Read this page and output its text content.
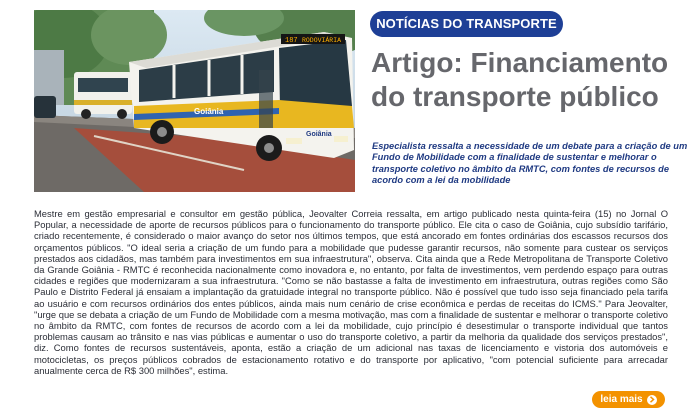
187 RODOVIÁRIA
Goiânia
Goiânia
NOTÍCIAS DO TRANSPORTE
Artigo: Financiamento do transporte público

Especialista ressalta a necessidade de um debate para a criação de um Fundo de Mobilidade com a finalidade de sustentar e melhorar o transporte coletivo no âmbito da RMTC, com fontes de recursos de acordo com a lei da mobilidade

Mestre em gestão empresarial e consultor em gestão pública, Jeovalter Correia ressalta, em artigo publicado nesta quinta-feira (15) no Jornal O Popular, a necessidade de aporte de recursos públicos para o funcionamento do transporte público. Ele cita o caso de Goiânia, cujo subsídio tarifário, criado recentemente, é considerado o maior avanço do setor nos últimos tempos, que está ancorado em fontes ordinárias dos escassos recursos dos orçamentos públicos. "O ideal seria a criação de um fundo para a mobilidade que pudesse garantir recursos, não somente para custear os serviços prestados aos cidadãos, mas também para investimentos em sua infraestrutura", observa. Cita ainda que a Rede Metropolitana de Transporte Coletivo da Grande Goiânia - RMTC é reconhecida nacionalmente como inovadora e, no entanto, por falta de investimentos, vem perdendo espaço para outras cidades e regiões que modernizaram a sua infraestrutura. "Como se não bastasse a falta de investimento em infraestrutura, outras regiões como São Paulo e Distrito Federal já ensaiam a implantação da gratuidade integral no transporte público. Não é possível que tudo isso seja financiado pela tarifa ao usuário e com recursos ordinários dos entes públicos, ainda mais num cenário de crise econômica e perdas de receitas do ICMS." Para Jeovalter, "urge que se debata a criação de um Fundo de Mobilidade com a mesma motivação, mas com a finalidade de sustentar e melhorar o transporte coletivo no âmbito da RMTC, com fontes de recursos de acordo com a lei da mobilidade, cujo princípio é desestimular o transporte individual que tantos problemas causam ao trânsito e nas vias públicas e aumentar o uso do transporte coletivo, a partir da melhoria da qualidade dos serviços prestados", diz. Como fontes de recursos sustentáveis, aponta, estão a criação de um adicional nas taxas de licenciamento e vistoria dos automóveis e motocicletas, os preços públicos cobrados de estacionamento rotativo e do transporte por aplicativo, "com potencial suficiente para arrecadar anualmente cerca de R$ 300 milhões", estima.

leia mais
